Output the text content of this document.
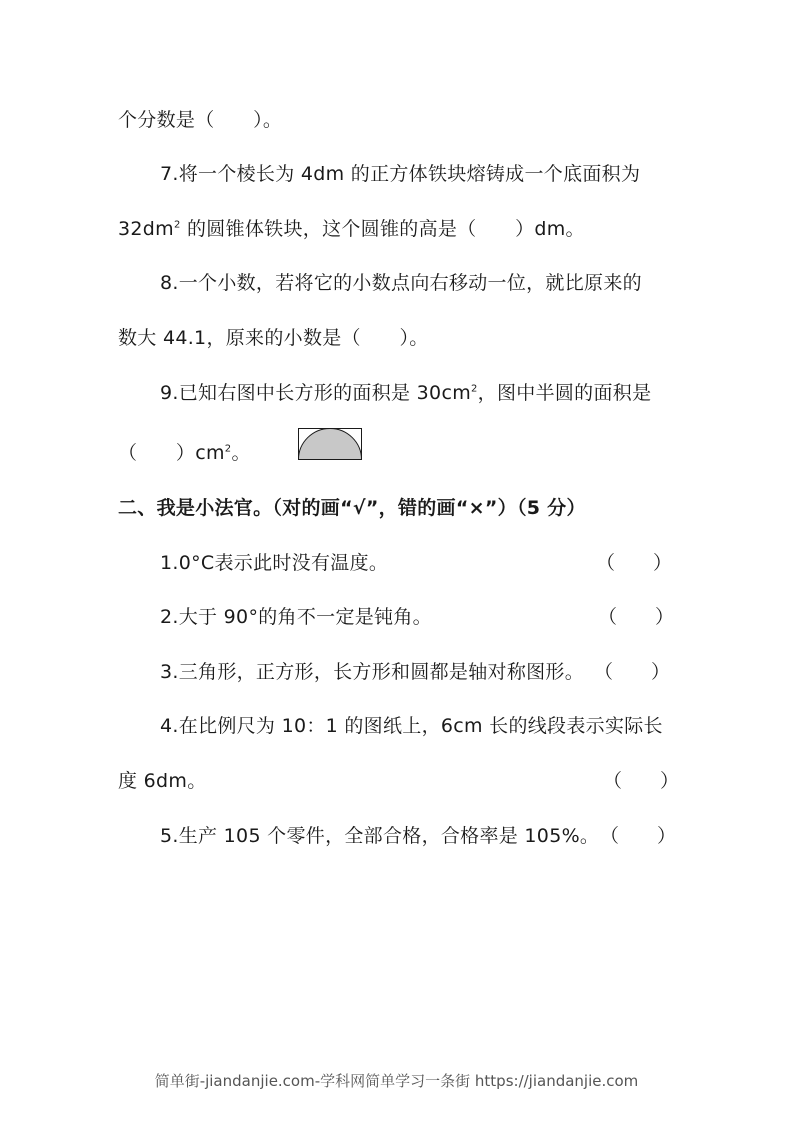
个分数是（　　）。
7.将一个棱长为 4dm 的正方体铁块熔铸成一个底面积为
$32dm^2$ 的圆锥体铁块，这个圆锥的高是（　　）dm。
8.一个小数，若将它的小数点向右移动一位，就比原来的
数大 44.1，原来的小数是（　　）。
9.已知右图中长方形的面积是 $30cm^2$，图中半圆的面积是
（　　）$cm^2$。
二、我是小法官。（对的画“√”，错的画“×”）（5 分）
1.0°C表示此时没有温度。	（　　）
2.大于 90°的角不一定是钝角。	（　　）
3.三角形，正方形，长方形和圆都是轴对称图形。 （　　）
4.在比例尺为 10：1 的图纸上，6cm 长的线段表示实际长
度 6dm。	（　　）
5.生产 105 个零件，全部合格，合格率是 105%。 （　　）
简单街-jiandanjie.com-学科网简单学习一条街 https://jiandanjie.com
